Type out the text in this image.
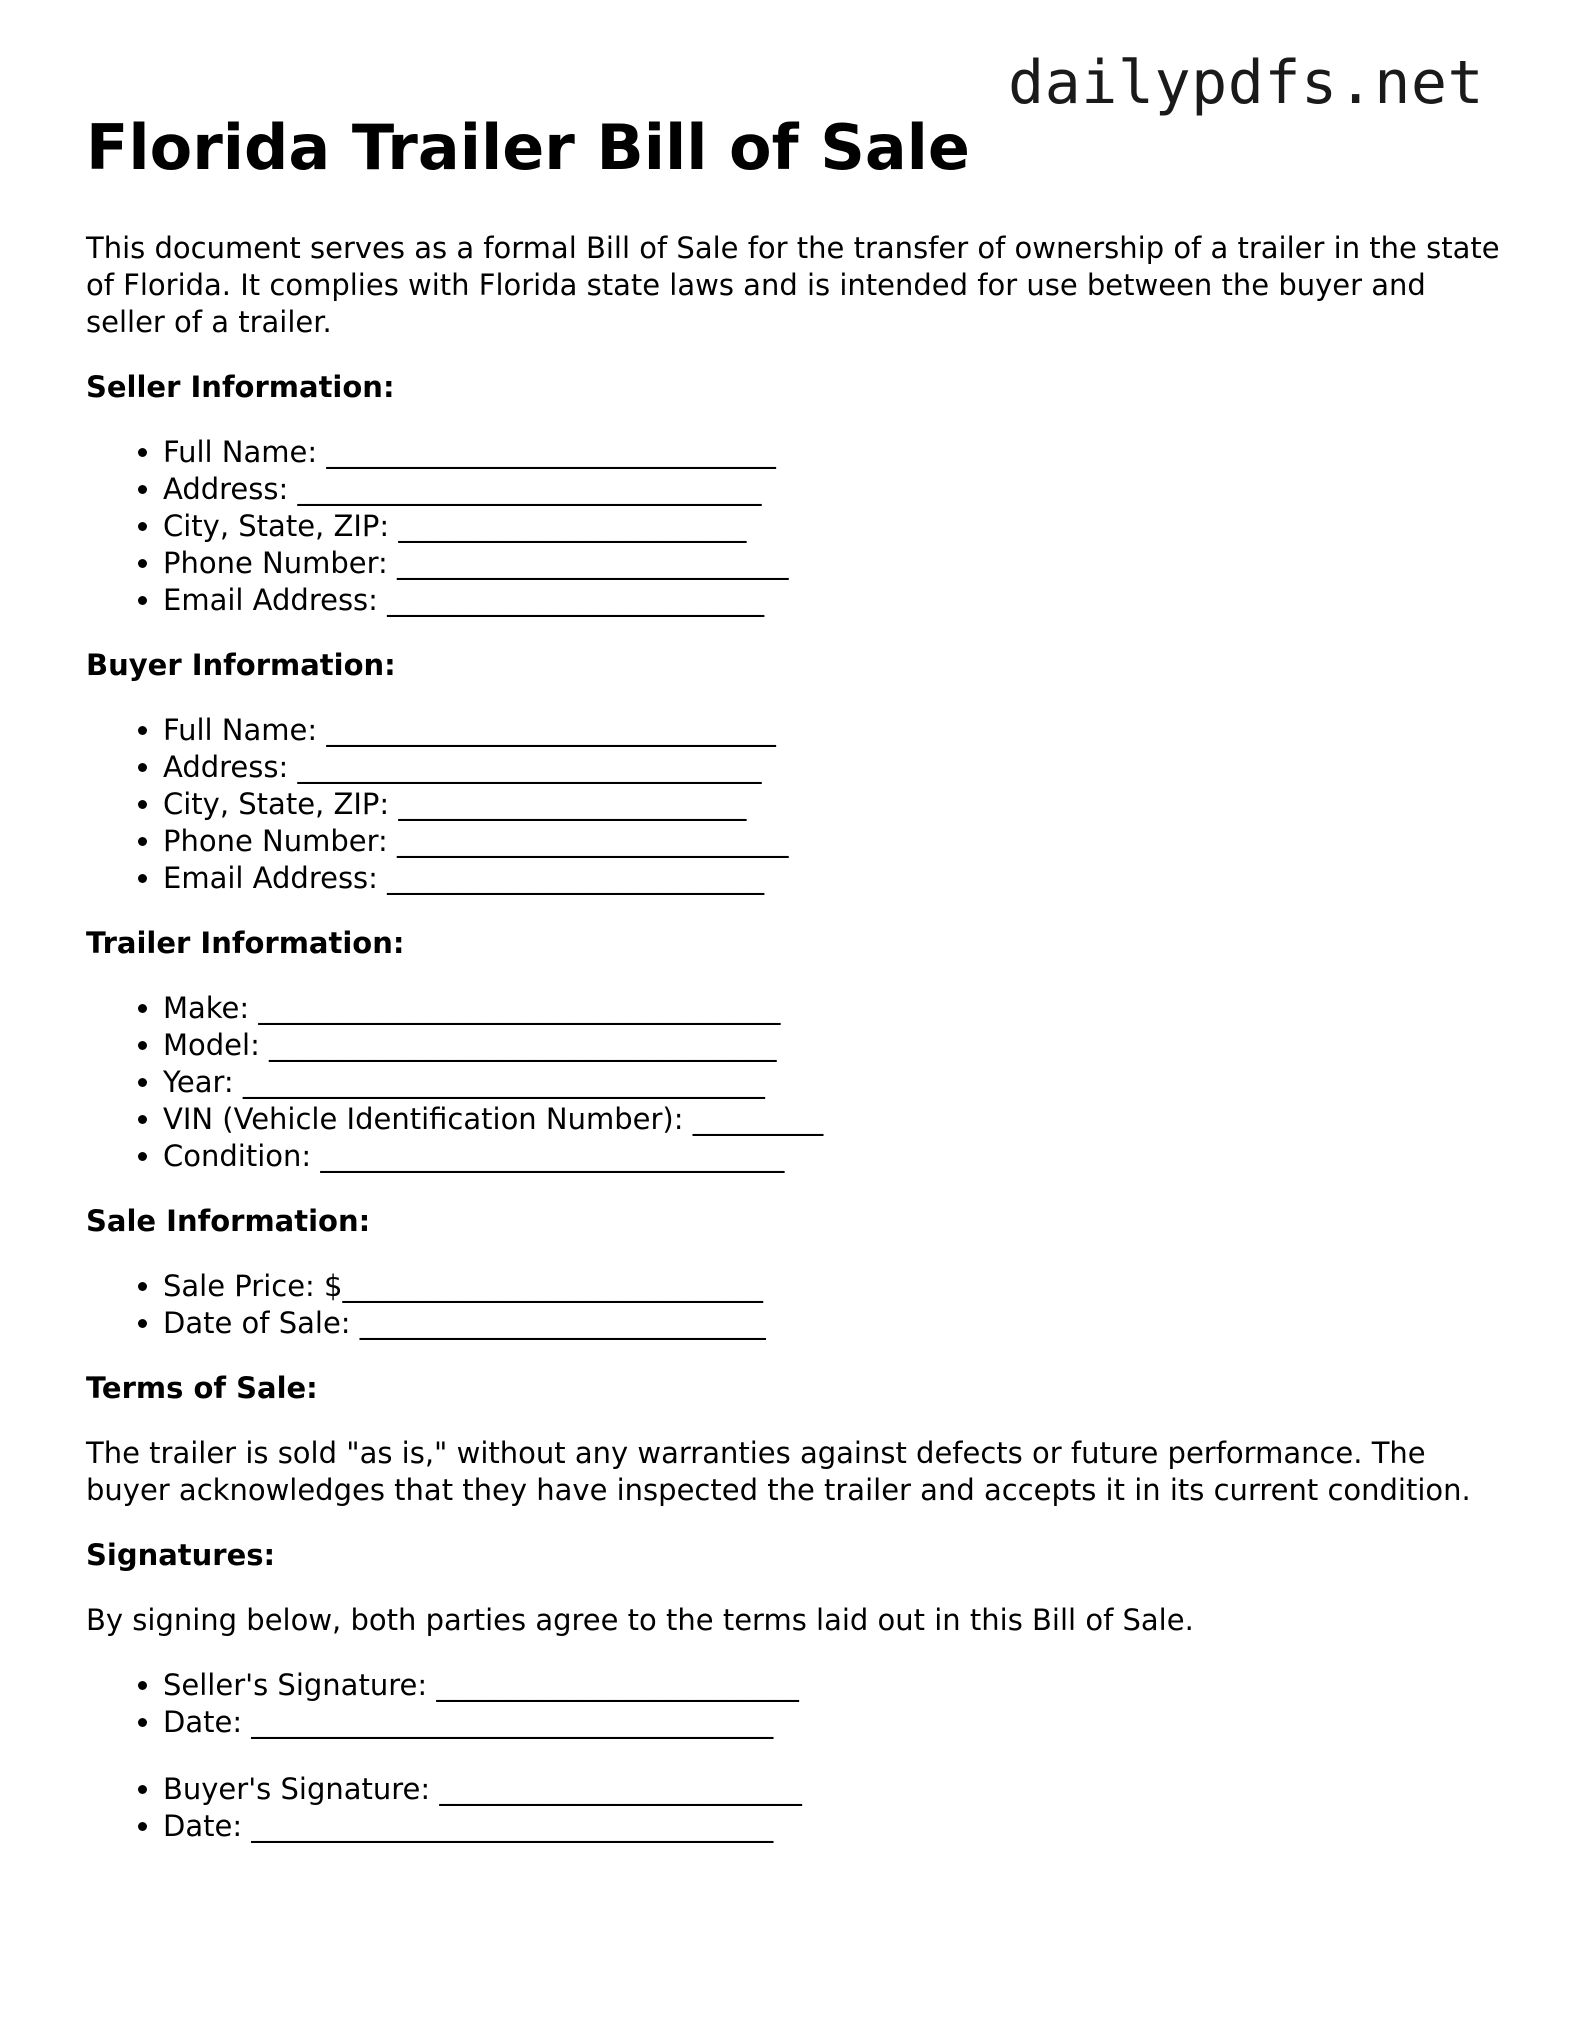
dailypdfs.net
Florida Trailer Bill of Sale

This document serves as a formal Bill of Sale for the transfer of ownership of a trailer in the state of Florida. It complies with Florida state laws and is intended for use between the buyer and seller of a trailer.

Seller Information:
• Full Name: _______________________________
• Address: ________________________________
• City, State, ZIP: ________________________
• Phone Number: ___________________________
• Email Address: __________________________
Buyer Information:
• Full Name: _______________________________
• Address: ________________________________
• City, State, ZIP: ________________________
• Phone Number: ___________________________
• Email Address: __________________________
Trailer Information:
• Make: ____________________________________
• Model: ___________________________________
• Year: ____________________________________
• VIN (Vehicle Identification Number): _________
• Condition: ________________________________
Sale Information:
• Sale Price: $_____________________________
• Date of Sale: ____________________________
Terms of Sale:

The trailer is sold "as is," without any warranties against defects or future performance. The buyer acknowledges that they have inspected the trailer and accepts it in its current condition.

Signatures:

By signing below, both parties agree to the terms laid out in this Bill of Sale.

• Seller's Signature: _________________________
• Date: ____________________________________
• Buyer's Signature: _________________________
• Date: ____________________________________
